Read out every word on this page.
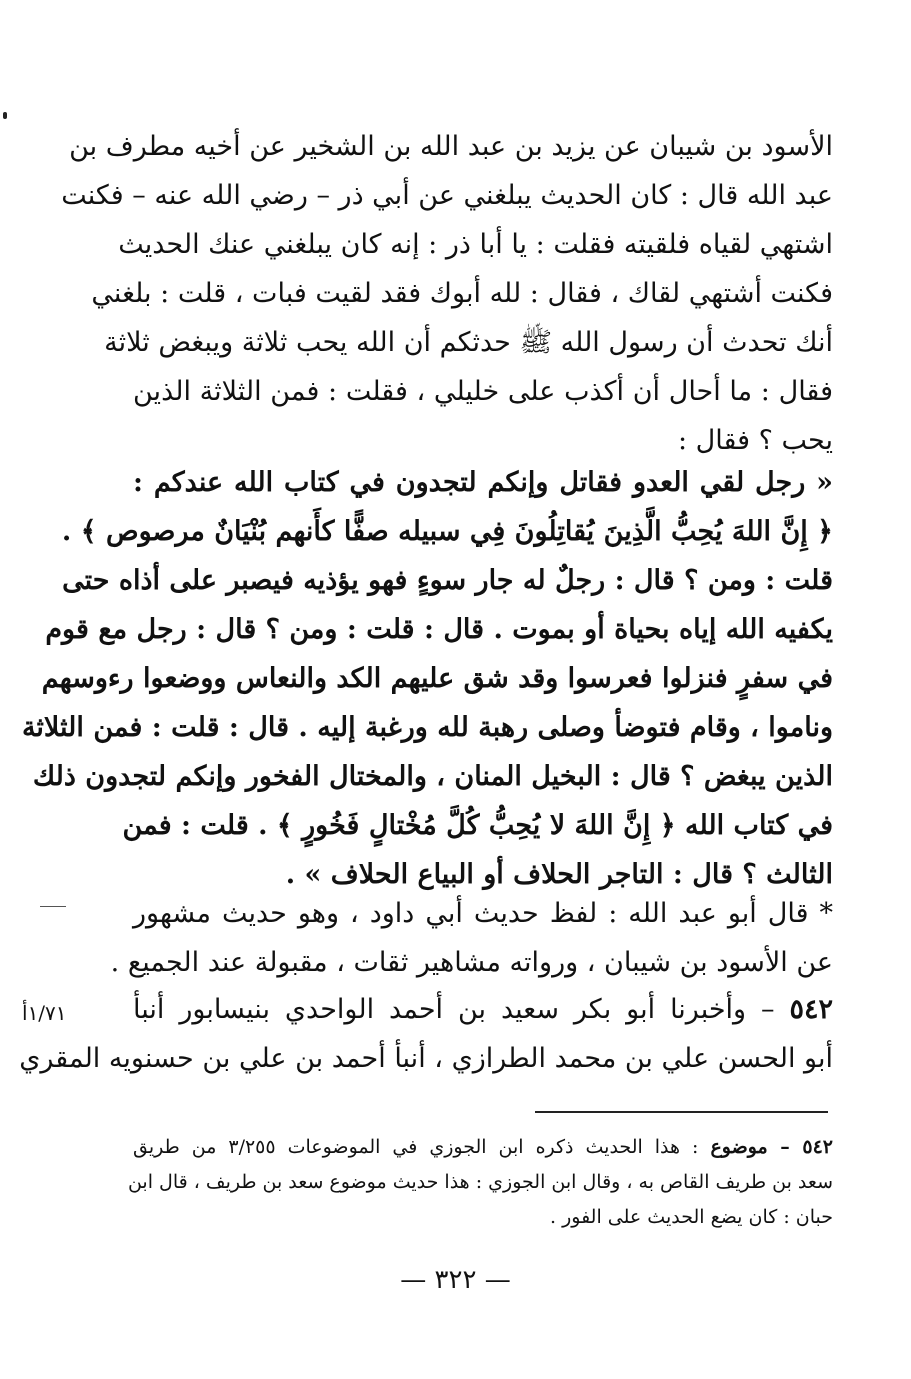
الأسود بن شيبان عن يزيد بن عبد الله بن الشخير عن أخيه مطرف بن
عبد الله قال : كان الحديث يبلغني عن أبي ذر – رضي الله عنه – فكنت
اشتهي لقياه فلقيته فقلت : يا أبا ذر : إنه كان يبلغني عنك الحديث
فكنت أشتهي لقاك ، فقال : لله أبوك فقد لقيت فبات ، قلت : بلغني
أنك تحدث أن رسول الله ﷺ حدثكم أن الله يحب ثلاثة ويبغض ثلاثة
فقال : ما أحال أن أكذب على خليلي ، فقلت : فمن الثلاثة الذين
يحب ؟ فقال :
« رجل لقي العدو فقاتل وإنكم لتجدون في كتاب الله عندكم :
﴿ إِنَّ اللهَ يُحِبُّ الَّذِينَ يُقاتِلُونَ فِي سبيله صفًّا كأَنهم بُنْيَانٌ مرصوص ﴾ .
قلت : ومن ؟ قال : رجلٌ له جار سوءٍ فهو يؤذيه فيصبر على أذاه حتى
يكفيه الله إياه بحياة أو بموت . قال : قلت : ومن ؟ قال : رجل مع قوم
في سفرٍ فنزلوا فعرسوا وقد شق عليهم الكد والنعاس ووضعوا رءوسهم
وناموا ، وقام فتوضأ وصلى رهبة لله ورغبة إليه . قال : قلت : فمن الثلاثة
الذين يبغض ؟ قال : البخيل المنان ، والمختال الفخور وإنكم لتجدون ذلك
في كتاب الله ﴿ إِنَّ اللهَ لا يُحِبُّ كُلَّ مُخْتالٍ فَخُورٍ ﴾ . قلت : فمن
الثالث ؟ قال : التاجر الحلاف أو البياع الحلاف » .
* قال أبو عبد الله : لفظ حديث أبي داود ، وهو حديث مشهور
عن الأسود بن شيبان ، ورواته مشاهير ثقات ، مقبولة عند الجميع .
٥٤٢ – وأخبرنا أبو بكر سعيد بن أحمد الواحدي بنيسابور أنبأ
أبو الحسن علي بن محمد الطرازي ، أنبأ أحمد بن علي بن حسنويه المقري
١/٧١أ
٥٤٢ – موضوع : هذا الحديث ذكره ابن الجوزي في الموضوعات ٣/٢٥٥ من طريق
سعد بن طريف القاص به ، وقال ابن الجوزي : هذا حديث موضوع سعد بن طريف ، قال ابن
حبان : كان يضع الحديث على الفور .
— ٣٢٢ —
